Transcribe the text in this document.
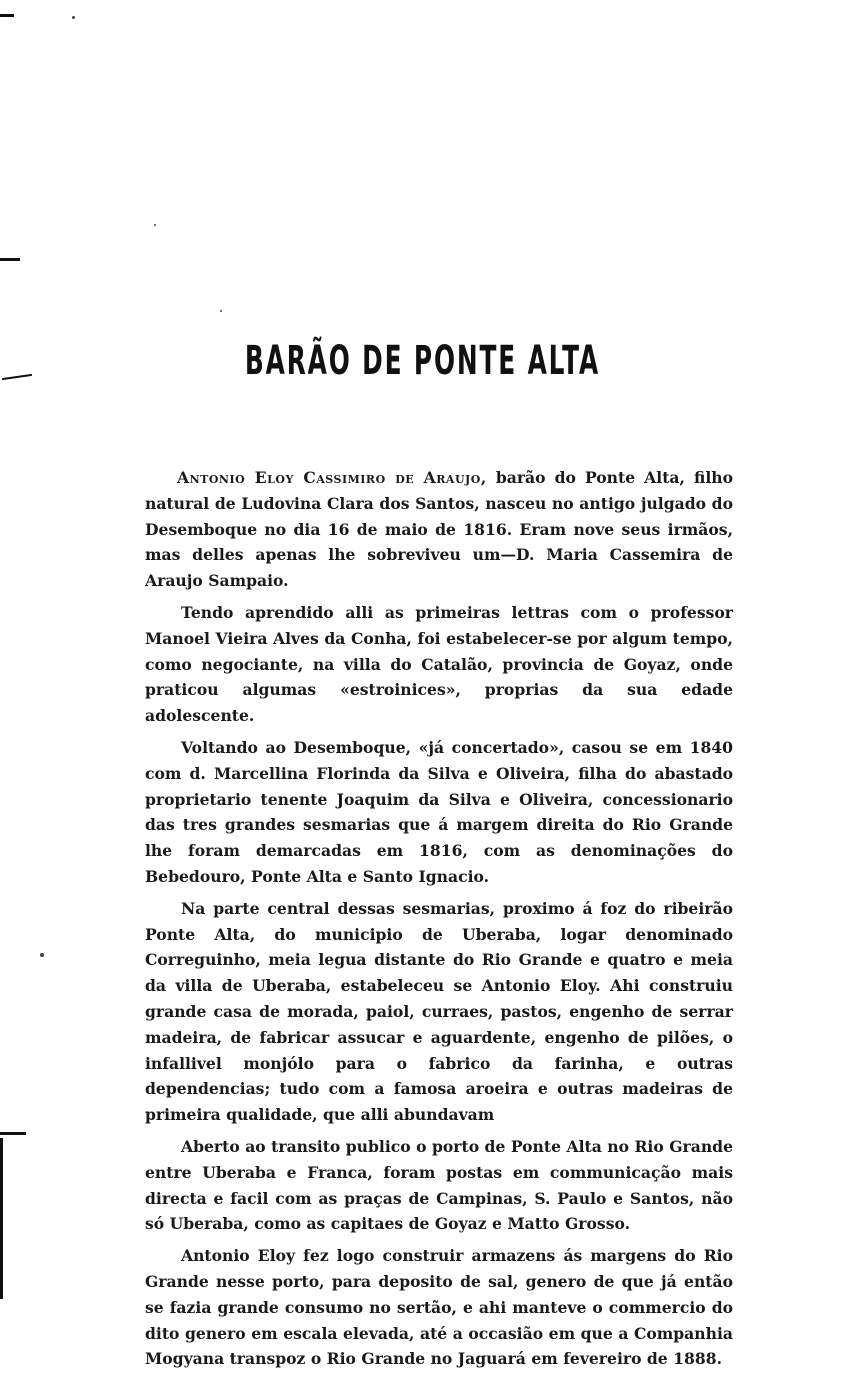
BARÃO DE PONTE ALTA

Antonio Eloy Cassimiro de Araujo, barão do Ponte Alta, filho natural de Ludovina Clara dos Santos, nasceu no antigo julgado do Desemboque no dia 16 de maio de 1816. Eram nove seus irmãos, mas delles apenas lhe sobreviveu um—D. Maria Cassemira de Araujo Sampaio.

Tendo aprendido alli as primeiras lettras com o professor Manoel Vieira Alves da Conha, foi estabelecer-se por algum tempo, como negociante, na villa do Catalão, provincia de Goyaz, onde praticou algumas «estroinices», proprias da sua edade adolescente.

Voltando ao Desemboque, «já concertado», casou se em 1840 com d. Marcellina Florinda da Silva e Oliveira, filha do abastado proprietario tenente Joaquim da Silva e Oliveira, concessionario das tres grandes sesmarias que á margem direita do Rio Grande lhe foram demarcadas em 1816, com as denominações do Bebedouro, Ponte Alta e Santo Ignacio.

Na parte central dessas sesmarias, proximo á foz do ribeirão Ponte Alta, do municipio de Uberaba, logar denominado Correguinho, meia legua distante do Rio Grande e quatro e meia da villa de Uberaba, estabeleceu se Antonio Eloy. Ahi construiu grande casa de morada, paiol, curraes, pastos, engenho de serrar madeira, de fabricar assucar e aguardente, engenho de pilões, o infallivel monjólo para o fabrico da farinha, e outras dependencias; tudo com a famosa aroeira e outras madeiras de primeira qualidade, que alli abundavam

Aberto ao transito publico o porto de Ponte Alta no Rio Grande entre Uberaba e Franca, foram postas em communicação mais directa e facil com as praças de Campinas, S. Paulo e Santos, não só Uberaba, como as capitaes de Goyaz e Matto Grosso.

Antonio Eloy fez logo construir armazens ás margens do Rio Grande nesse porto, para deposito de sal, genero de que já então se fazia grande consumo no sertão, e ahi manteve o commercio do dito genero em escala elevada, até a occasião em que a Companhia Mogyana transpoz o Rio Grande no Jaguará em fevereiro de 1888.
